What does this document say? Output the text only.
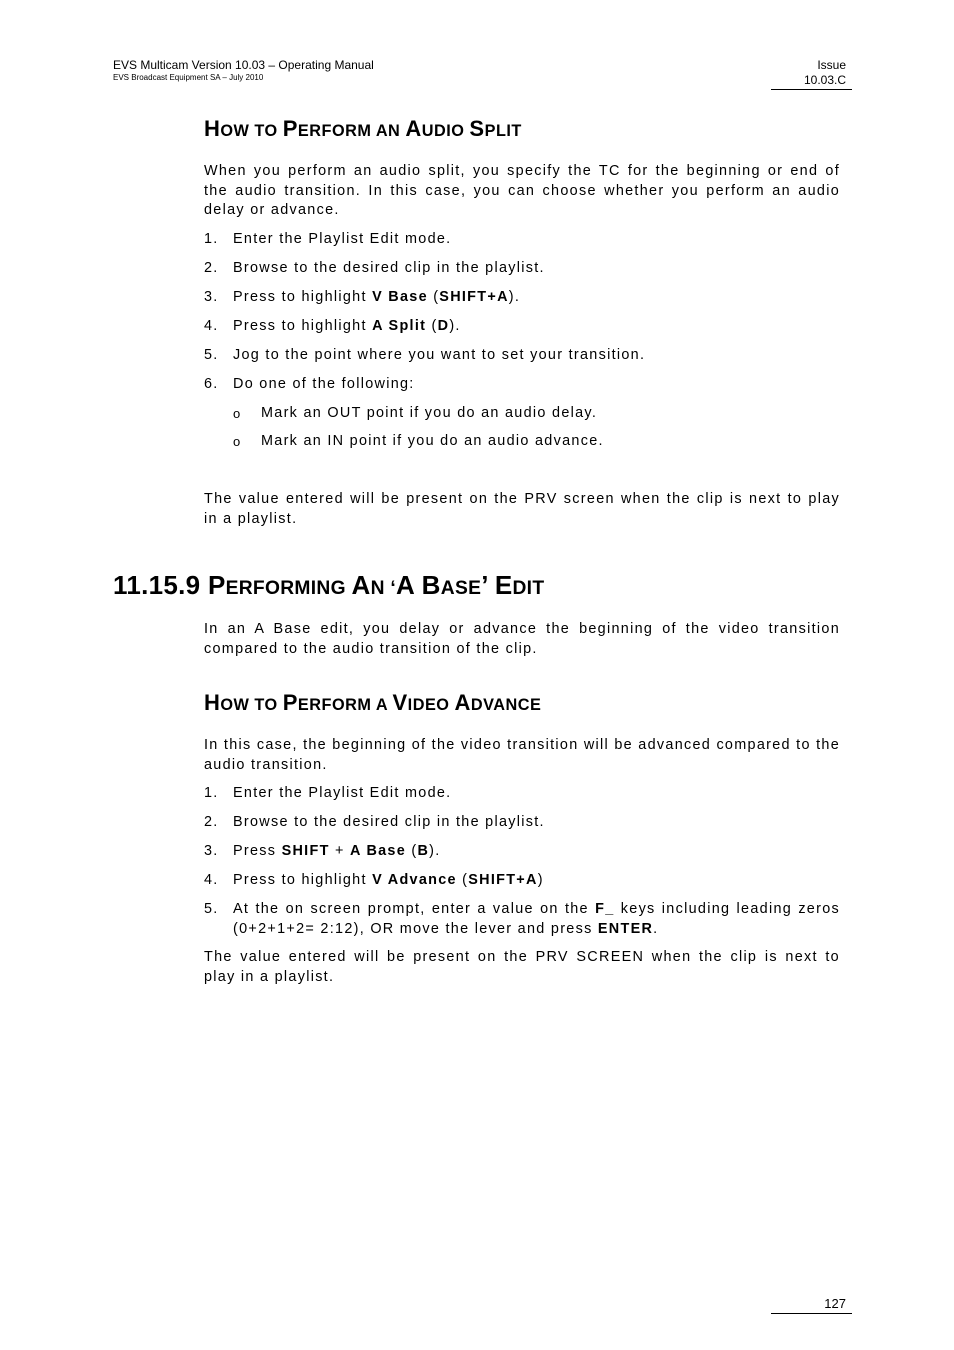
EVS Multicam Version 10.03 – Operating Manual
EVS Broadcast Equipment SA – July 2010
Issue
10.03.C
HOW TO PERFORM AN AUDIO SPLIT
When you perform an audio split, you specify the TC for the beginning or end of the audio transition. In this case, you can choose whether you perform an audio delay or advance.
1. Enter the Playlist Edit mode.
2. Browse to the desired clip in the playlist.
3. Press to highlight V Base (SHIFT+A).
4. Press to highlight A Split (D).
5. Jog to the point where you want to set your transition.
6. Do one of the following:
o Mark an OUT point if you do an audio delay.
o Mark an IN point if you do an audio advance.
The value entered will be present on the PRV screen when the clip is next to play in a playlist.
11.15.9 PERFORMING AN ‘A BASE’ EDIT
In an A Base edit, you delay or advance the beginning of the video transition compared to the audio transition of the clip.
HOW TO PERFORM A VIDEO ADVANCE
In this case, the beginning of the video transition will be advanced compared to the audio transition.
1. Enter the Playlist Edit mode.
2. Browse to the desired clip in the playlist.
3. Press SHIFT + A Base (B).
4. Press to highlight V Advance (SHIFT+A)
5. At the on screen prompt, enter a value on the F_ keys including leading zeros (0+2+1+2= 2:12), OR move the lever and press ENTER.
The value entered will be present on the PRV SCREEN when the clip is next to play in a playlist.
127
